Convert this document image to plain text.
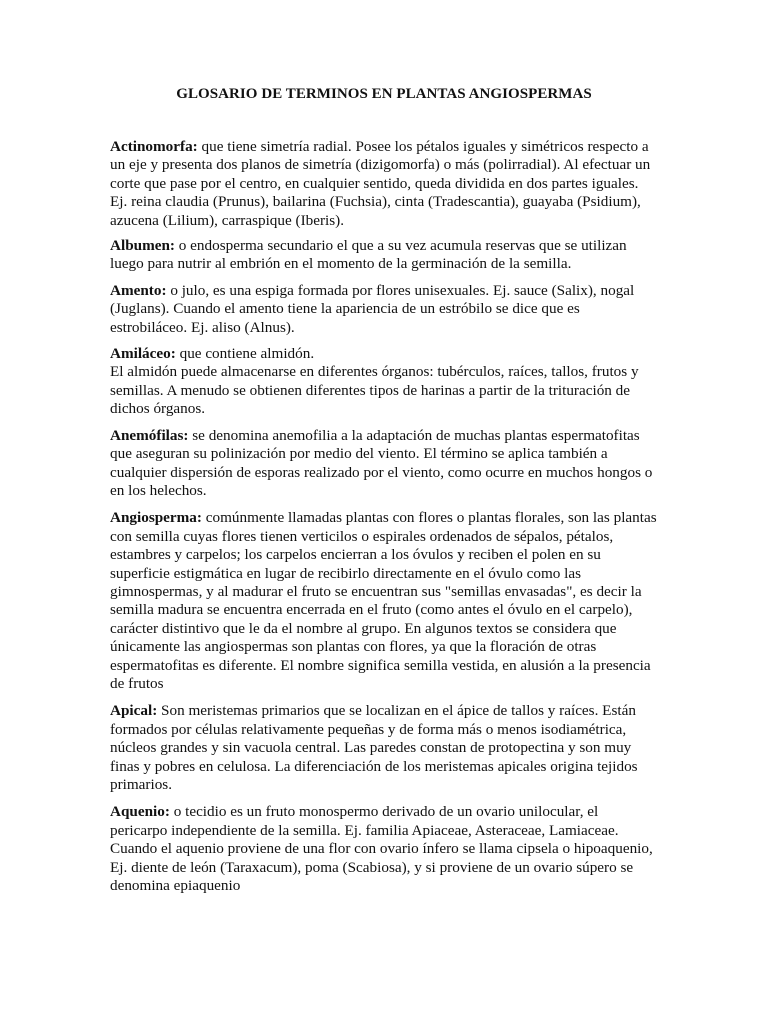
GLOSARIO DE TERMINOS EN PLANTAS ANGIOSPERMAS

Actinomorfa: que tiene simetría radial. Posee los pétalos iguales y simétricos respecto a un eje y presenta dos planos de simetría (dizigomorfa) o más (polirradial). Al efectuar un corte que pase por el centro, en cualquier sentido, queda dividida en dos partes iguales. Ej. reina claudia (Prunus), bailarina (Fuchsia), cinta (Tradescantia), guayaba (Psidium), azucena (Lilium), carraspique (Iberis).

Albumen: o endosperma secundario el que a su vez acumula reservas que se utilizan luego para nutrir al embrión en el momento de la germinación de la semilla.

Amento: o julo, es una espiga formada por flores unisexuales. Ej. sauce (Salix), nogal (Juglans). Cuando el amento tiene la apariencia de un estróbilo se dice que es estrobiláceo. Ej. aliso (Alnus).

Amiláceo: que contiene almidón.
El almidón puede almacenarse en diferentes órganos: tubérculos, raíces, tallos, frutos y semillas. A menudo se obtienen diferentes tipos de harinas a partir de la trituración de dichos órganos.

Anemófilas: se denomina anemofilia a la adaptación de muchas plantas espermatofitas que aseguran su polinización por medio del viento. El término se aplica también a cualquier dispersión de esporas realizado por el viento, como ocurre en muchos hongos o en los helechos.

Angiosperma: comúnmente llamadas plantas con flores o plantas florales, son las plantas con semilla cuyas flores tienen verticilos o espirales ordenados de sépalos, pétalos, estambres y carpelos; los carpelos encierran a los óvulos y reciben el polen en su superficie estigmática en lugar de recibirlo directamente en el óvulo como las gimnospermas, y al madurar el fruto se encuentran sus "semillas envasadas", es decir la semilla madura se encuentra encerrada en el fruto (como antes el óvulo en el carpelo), carácter distintivo que le da el nombre al grupo. En algunos textos se considera que únicamente las angiospermas son plantas con flores, ya que la floración de otras espermatofitas es diferente. El nombre significa semilla vestida, en alusión a la presencia de frutos

Apical: Son meristemas primarios que se localizan en el ápice de tallos y raíces. Están formados por células relativamente pequeñas y de forma más o menos isodiamétrica, núcleos grandes y sin vacuola central. Las paredes constan de protopectina y son muy finas y pobres en celulosa. La diferenciación de los meristemas apicales origina tejidos primarios.

Aquenio: o tecidio es un fruto monospermo derivado de un ovario unilocular, el pericarpo independiente de la semilla. Ej. familia Apiaceae, Asteraceae, Lamiaceae. Cuando el aquenio proviene de una flor con ovario ínfero se llama cipsela o hipoaquenio, Ej. diente de león (Taraxacum), poma (Scabiosa), y si proviene de un ovario súpero se denomina epiaquenio
